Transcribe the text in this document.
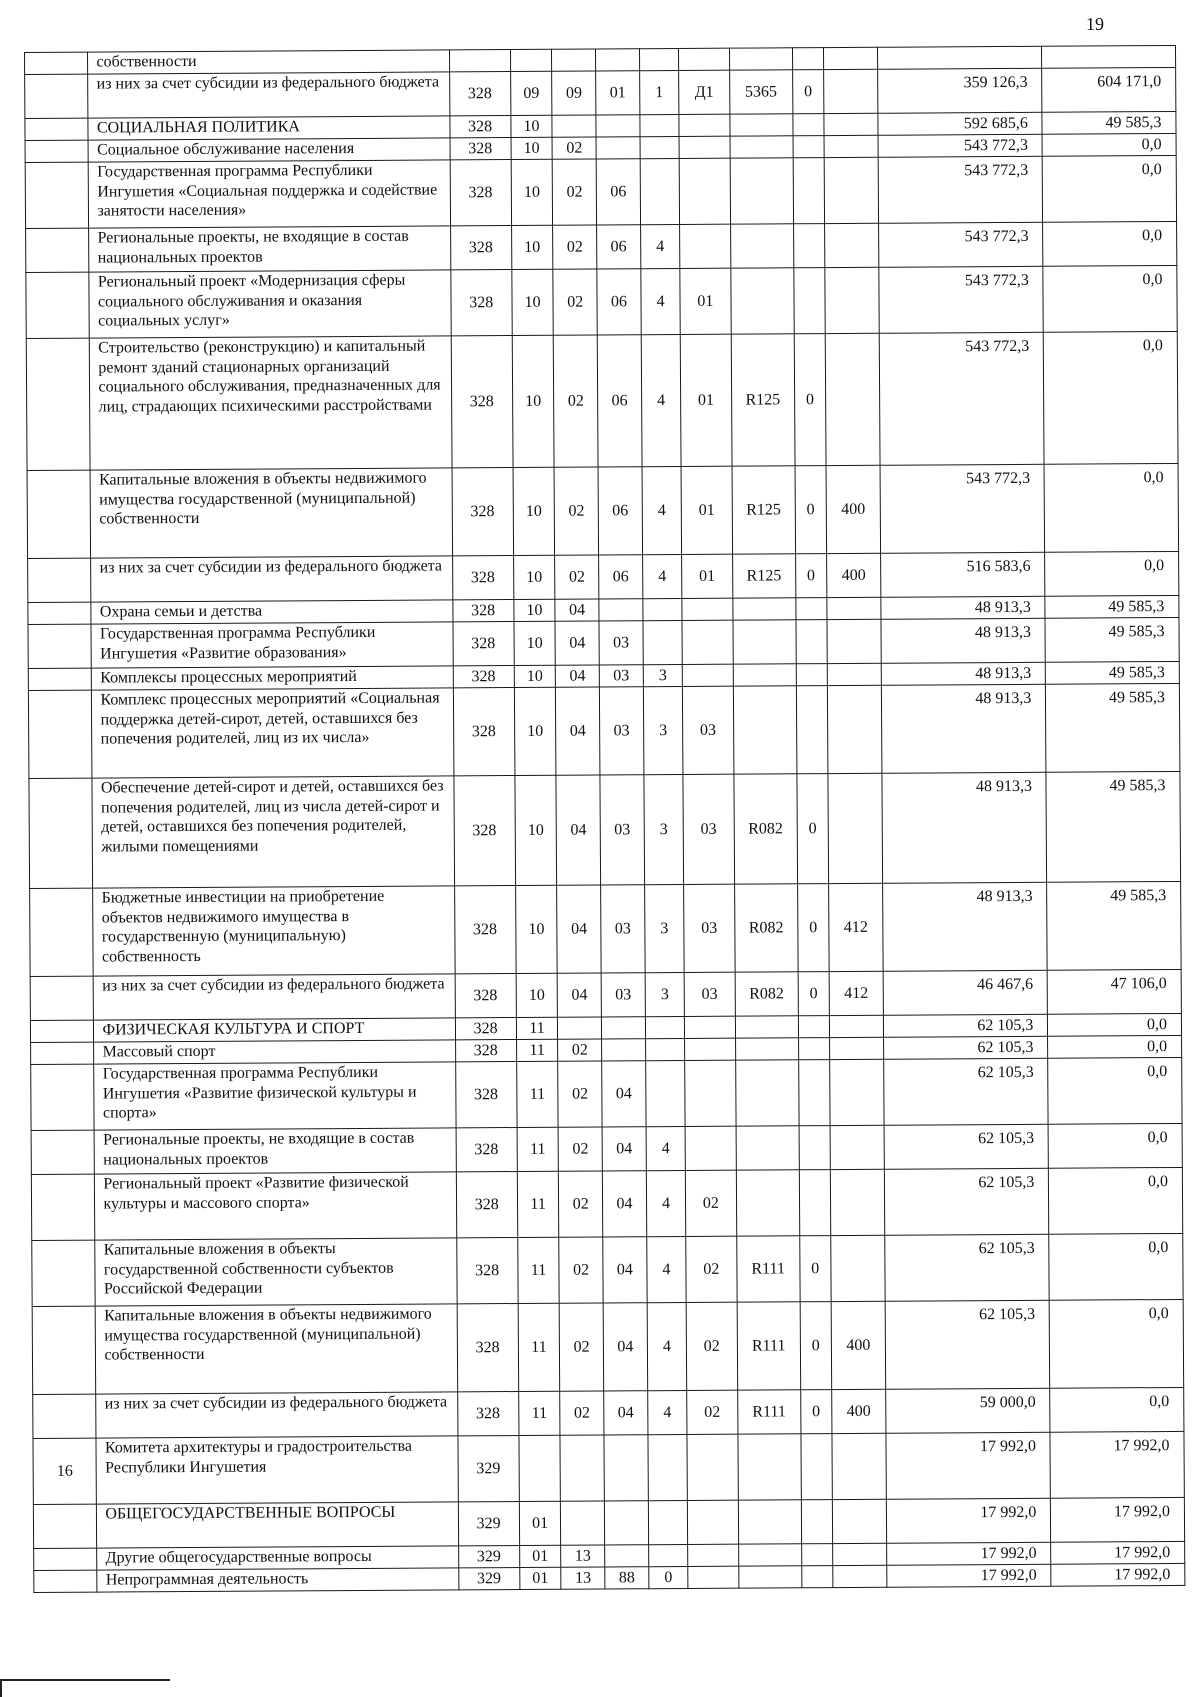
19
	собственности											
	из них за счет субсидии из федерального бюджета	328	09	09	01	1	Д1	5365	0		359 126,3	604 171,0
	СОЦИАЛЬНАЯ ПОЛИТИКА	328	10								592 685,6	49 585,3
	Социальное обслуживание населения	328	10	02							543 772,3	0,0
	Государственная программа Республики Ингушетия «Социальная поддержка и содействие занятости населения»	328	10	02	06						543 772,3	0,0
	Региональные проекты, не входящие в состав национальных проектов	328	10	02	06	4					543 772,3	0,0
	Региональный проект «Модернизация сферы социального обслуживания и оказания социальных услуг»	328	10	02	06	4	01				543 772,3	0,0
	Строительство (реконструкцию) и капитальный ремонт зданий стационарных организаций социального обслуживания, предназначенных для лиц, страдающих психическими расстройствами	328	10	02	06	4	01	R125	0		543 772,3	0,0
	Капитальные вложения в объекты недвижимого имущества государственной (муниципальной) собственности	328	10	02	06	4	01	R125	0	400	543 772,3	0,0
	из них за счет субсидии из федерального бюджета	328	10	02	06	4	01	R125	0	400	516 583,6	0,0
	Охрана семьи и детства	328	10	04							48 913,3	49 585,3
	Государственная программа Республики Ингушетия «Развитие образования»	328	10	04	03						48 913,3	49 585,3
	Комплексы процессных мероприятий	328	10	04	03	3					48 913,3	49 585,3
	Комплекс процессных мероприятий «Социальная поддержка детей-сирот, детей, оставшихся без попечения родителей, лиц из их числа»	328	10	04	03	3	03				48 913,3	49 585,3
	Обеспечение детей-сирот и детей, оставшихся без попечения родителей, лиц из числа детей-сирот и детей, оставшихся без попечения родителей, жилыми помещениями	328	10	04	03	3	03	R082	0		48 913,3	49 585,3
	Бюджетные инвестиции на приобретение объектов недвижимого имущества в государственную (муниципальную) собственность	328	10	04	03	3	03	R082	0	412	48 913,3	49 585,3
	из них за счет субсидии из федерального бюджета	328	10	04	03	3	03	R082	0	412	46 467,6	47 106,0
	ФИЗИЧЕСКАЯ КУЛЬТУРА И СПОРТ	328	11								62 105,3	0,0
	Массовый спорт	328	11	02							62 105,3	0,0
	Государственная программа Республики Ингушетия «Развитие физической культуры и спорта»	328	11	02	04						62 105,3	0,0
	Региональные проекты, не входящие в состав национальных проектов	328	11	02	04	4					62 105,3	0,0
	Региональный проект «Развитие физической культуры и массового спорта»	328	11	02	04	4	02				62 105,3	0,0
	Капитальные вложения в объекты государственной собственности субъектов Российской Федерации	328	11	02	04	4	02	R111	0		62 105,3	0,0
	Капитальные вложения в объекты недвижимого имущества государственной (муниципальной) собственности	328	11	02	04	4	02	R111	0	400	62 105,3	0,0
	из них за счет субсидии из федерального бюджета	328	11	02	04	4	02	R111	0	400	59 000,0	0,0
16	Комитета архитектуры и градостроительства Республики Ингушетия	329									17 992,0	17 992,0
	ОБЩЕГОСУДАРСТВЕННЫЕ ВОПРОСЫ	329	01								17 992,0	17 992,0
	Другие общегосударственные вопросы	329	01	13							17 992,0	17 992,0
	Непрограммная деятельность	329	01	13	88	0					17 992,0	17 992,0
